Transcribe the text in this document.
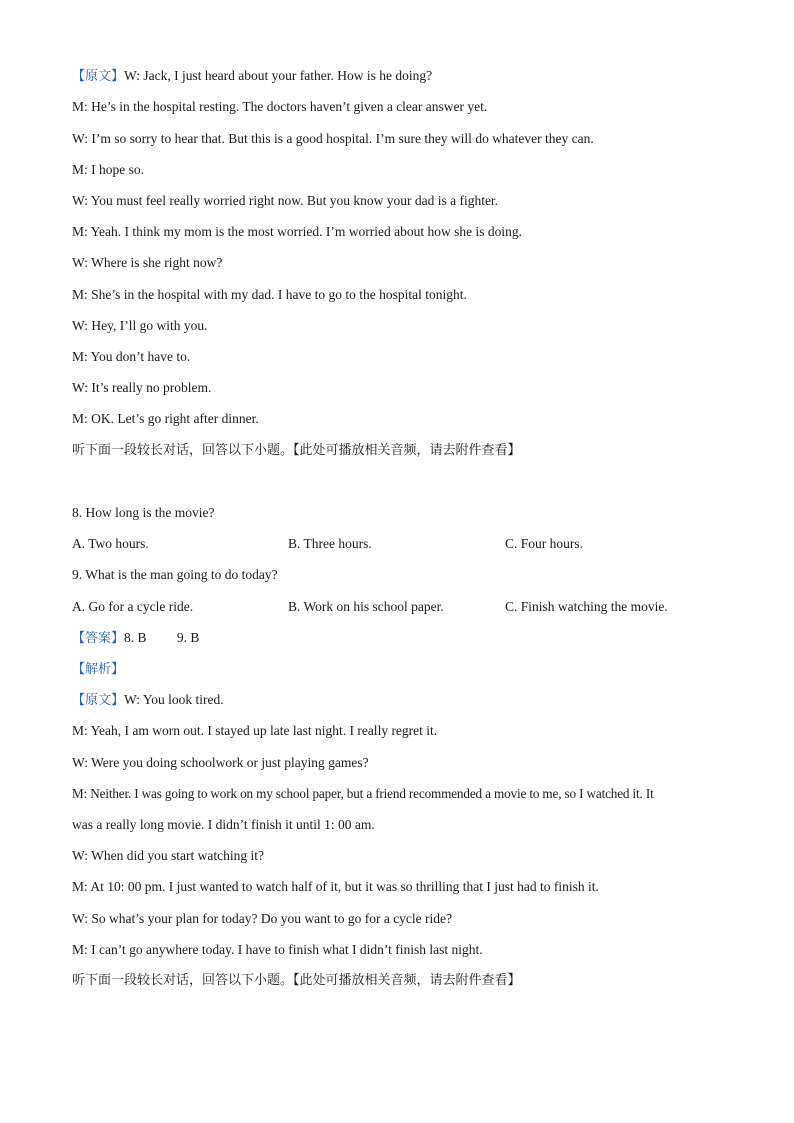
【原文】W: Jack, I just heard about your father. How is he doing?
M: He’s in the hospital resting. The doctors haven’t given a clear answer yet.
W: I’m so sorry to hear that. But this is a good hospital. I’m sure they will do whatever they can.
M: I hope so.
W: You must feel really worried right now. But you know your dad is a fighter.
M: Yeah. I think my mom is the most worried. I’m worried about how she is doing.
W: Where is she right now?
M: She’s in the hospital with my dad. I have to go to the hospital tonight.
W: Hey, I’ll go with you.
M: You don’t have to.
W: It’s really no problem.
M: OK. Let’s go right after dinner.
听下面一段较长对话，回答以下小题。【此处可播放相关音频，请去附件查看】
8. How long is the movie?
A. Two hours.	B. Three hours.	C. Four hours.
9. What is the man going to do today?
A. Go for a cycle ride.	B. Work on his school paper.	C. Finish watching the movie.
【答案】8. B         9. B
【解析】
【原文】W: You look tired.
M: Yeah, I am worn out. I stayed up late last night. I really regret it.
W: Were you doing schoolwork or just playing games?
M: Neither. I was going to work on my school paper, but a friend recommended a movie to me, so I watched it. It
was a really long movie. I didn’t finish it until 1: 00 am.
W: When did you start watching it?
M: At 10: 00 pm. I just wanted to watch half of it, but it was so thrilling that I just had to finish it.
W: So what’s your plan for today? Do you want to go for a cycle ride?
M: I can’t go anywhere today. I have to finish what I didn’t finish last night.
听下面一段较长对话，回答以下小题。【此处可播放相关音频，请去附件查看】
